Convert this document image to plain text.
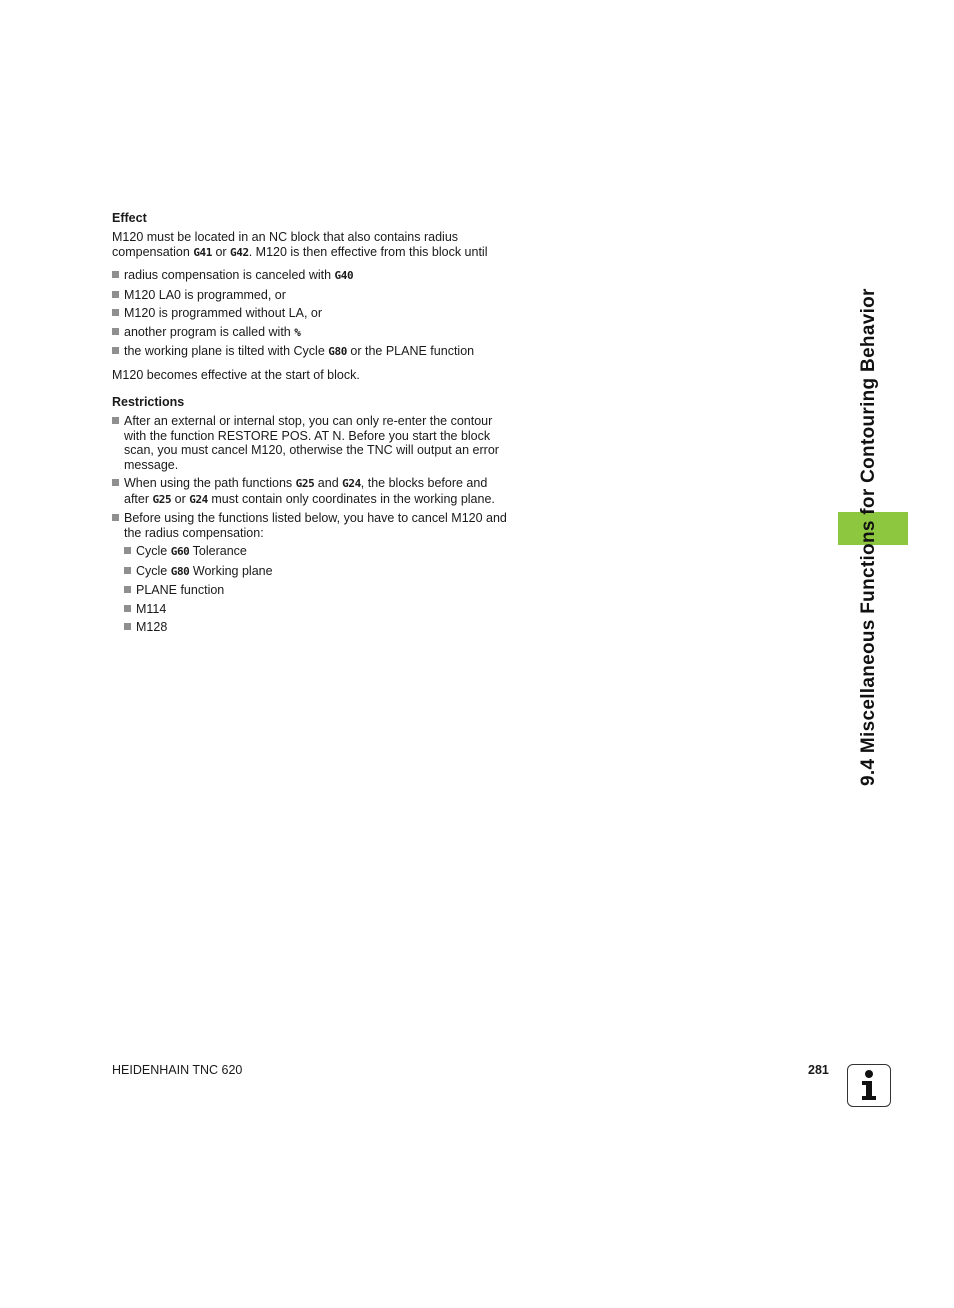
9.4 Miscellaneous Functions for Contouring Behavior
Effect

M120 must be located in an NC block that also contains radius compensation G41 or G42. M120 is then effective from this block until

radius compensation is canceled with G40
M120 LA0 is programmed, or
M120 is programmed without LA, or
another program is called with %
the working plane is tilted with Cycle G80 or the PLANE function

M120 becomes effective at the start of block.

Restrictions
After an external or internal stop, you can only re-enter the contour with the function RESTORE POS. AT N. Before you start the block scan, you must cancel M120, otherwise the TNC will output an error message.
When using the path functions G25 and G24, the blocks before and after G25 or G24 must contain only coordinates in the working plane.
Before using the functions listed below, you have to cancel M120 and the radius compensation:
Cycle G60 Tolerance
Cycle G80 Working plane
PLANE function
M114
M128
HEIDENHAIN TNC 620	281
